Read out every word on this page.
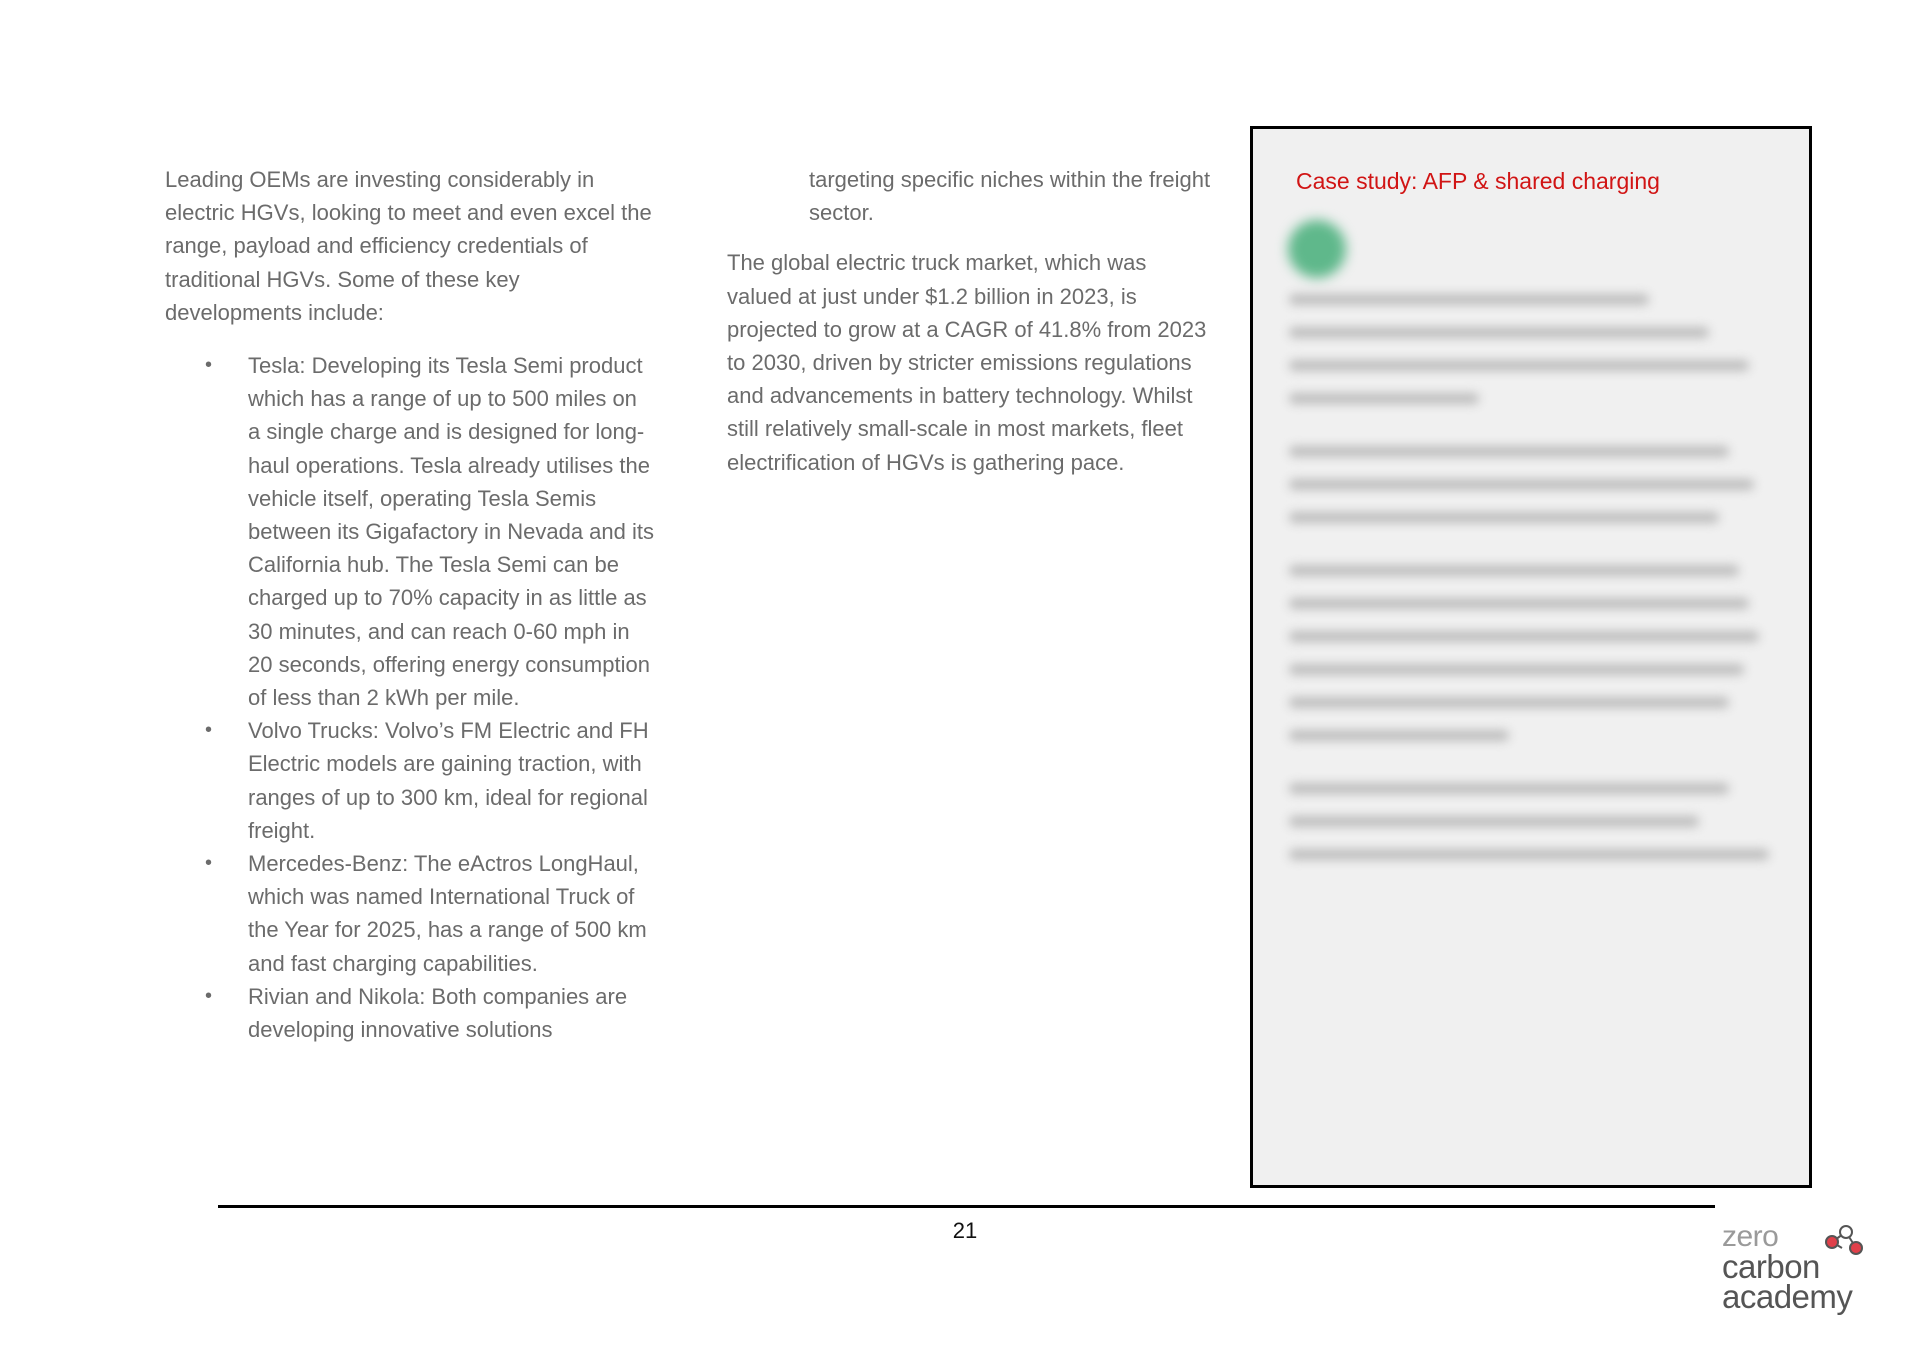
Leading OEMs are investing considerably in electric HGVs, looking to meet and even excel the range, payload and efficiency credentials of traditional HGVs. Some of these key developments include:

• Tesla: Developing its Tesla Semi product which has a range of up to 500 miles on a single charge and is designed for long-haul operations. Tesla already utilises the vehicle itself, operating Tesla Semis between its Gigafactory in Nevada and its California hub. The Tesla Semi can be charged up to 70% capacity in as little as 30 minutes, and can reach 0-60 mph in 20 seconds, offering energy consumption of less than 2 kWh per mile.
• Volvo Trucks: Volvo’s FM Electric and FH Electric models are gaining traction, with ranges of up to 300 km, ideal for regional freight.
• Mercedes-Benz: The eActros LongHaul, which was named International Truck of the Year for 2025, has a range of 500 km and fast charging capabilities.
• Rivian and Nikola: Both companies are developing innovative solutions

targeting specific niches within the freight sector.

The global electric truck market, which was valued at just under $1.2 billion in 2023, is projected to grow at a CAGR of 41.8% from 2023 to 2030, driven by stricter emissions regulations and advancements in battery technology. Whilst still relatively small-scale in most markets, fleet electrification of HGVs is gathering pace.

Case study: AFP & shared charging
21	zero
carbon
academy
